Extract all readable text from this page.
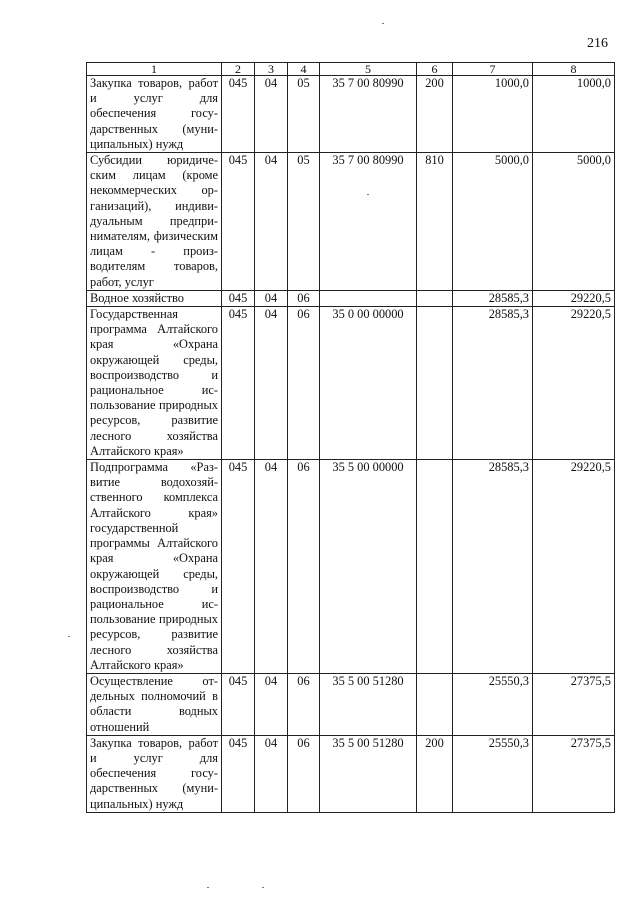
216
1	2	3	4	5	6	7	8
Закупка товаров, работ и услуг для обеспечения государственных (муниципальных) нужд	045	04	05	35 7 00 80990	200	1000,0	1000,0
Субсидии юридическим лицам (кроме некоммерческих организаций), индивидуальным предпринимателям, физическим лицам - производителям товаров, работ, услуг	045	04	05	35 7 00 80990	810	5000,0	5000,0
Водное хозяйство	045	04	06			28585,3	29220,5
Государственная программа Алтайского края «Охрана окружающей среды, воспроизводство и рациональное использование природных ресурсов, развитие лесного хозяйства Алтайского края»	045	04	06	35 0 00 00000		28585,3	29220,5
Подпрограмма «Развитие водохозяйственного комплекса Алтайского края» государственной программы Алтайского края «Охрана окружающей среды, воспроизводство и рациональное использование природных ресурсов, развитие лесного хозяйства Алтайского края»	045	04	06	35 5 00 00000		28585,3	29220,5
Осуществление отдельных полномочий в области водных отношений	045	04	06	35 5 00 51280		25550,3	27375,5
Закупка товаров, работ и услуг для обеспечения государственных (муниципальных) нужд	045	04	06	35 5 00 51280	200	25550,3	27375,5
